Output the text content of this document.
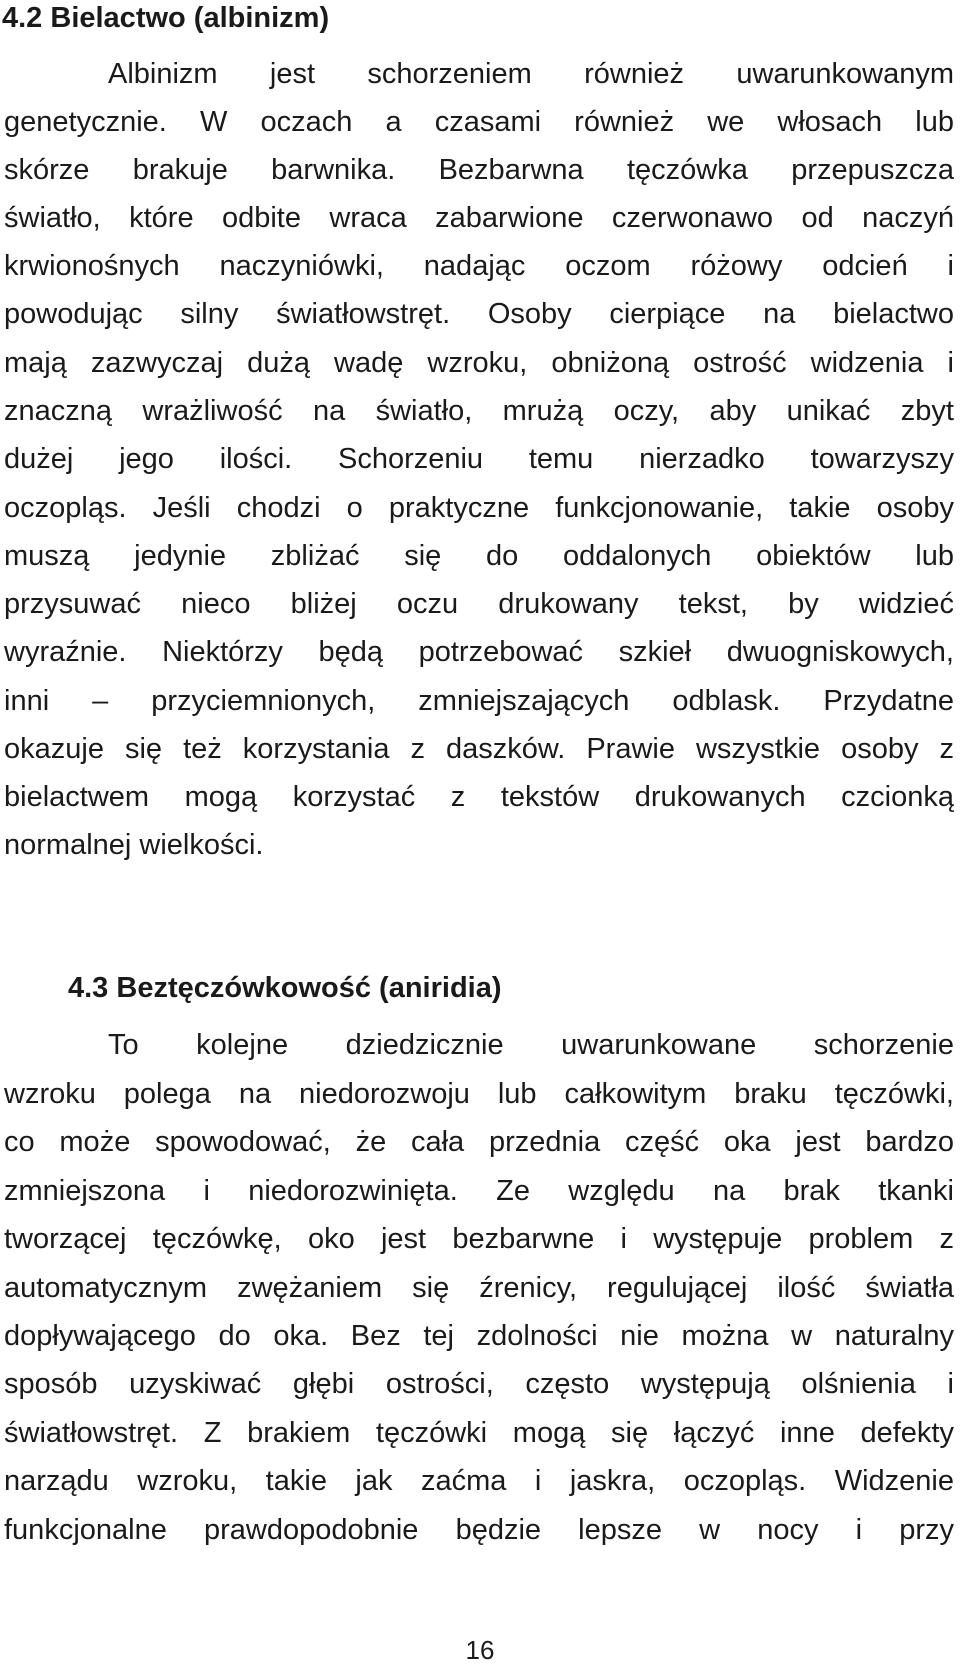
4.2 Bielactwo (albinizm)
Albinizm jest schorzeniem również uwarunkowanym
genetycznie. W oczach a czasami również we włosach lub
skórze brakuje barwnika. Bezbarwna tęczówka przepuszcza
światło, które odbite wraca zabarwione czerwonawo od naczyń
krwionośnych naczyniówki, nadając oczom różowy odcień i
powodując silny światłowstręt. Osoby cierpiące na bielactwo
mają zazwyczaj dużą wadę wzroku, obniżoną ostrość widzenia i
znaczną wrażliwość na światło, mrużą oczy, aby unikać zbyt
dużej jego ilości. Schorzeniu temu nierzadko towarzyszy
oczopląs. Jeśli chodzi o praktyczne funkcjonowanie, takie osoby
muszą jedynie zbliżać się do oddalonych obiektów lub
przysuwać nieco bliżej oczu drukowany tekst, by widzieć
wyraźnie. Niektórzy będą potrzebować szkieł dwuogniskowych,
inni – przyciemnionych, zmniejszających odblask. Przydatne
okazuje się też korzystania z daszków. Prawie wszystkie osoby z
bielactwem mogą korzystać z tekstów drukowanych czcionką
normalnej wielkości.
4.3 Beztęczówkowość (aniridia)
To kolejne dziedzicznie uwarunkowane schorzenie
wzroku polega na niedorozwoju lub całkowitym braku tęczówki,
co może spowodować, że cała przednia część oka jest bardzo
zmniejszona i niedorozwinięta. Ze względu na brak tkanki
tworzącej tęczówkę, oko jest bezbarwne i występuje problem z
automatycznym zwężaniem się źrenicy, regulującej ilość światła
dopływającego do oka. Bez tej zdolności nie można w naturalny
sposób uzyskiwać głębi ostrości, często występują olśnienia i
światłowstręt. Z brakiem tęczówki mogą się łączyć inne defekty
narządu wzroku, takie jak zaćma i jaskra, oczopląs. Widzenie
funkcjonalne prawdopodobnie będzie lepsze w nocy i przy
16
